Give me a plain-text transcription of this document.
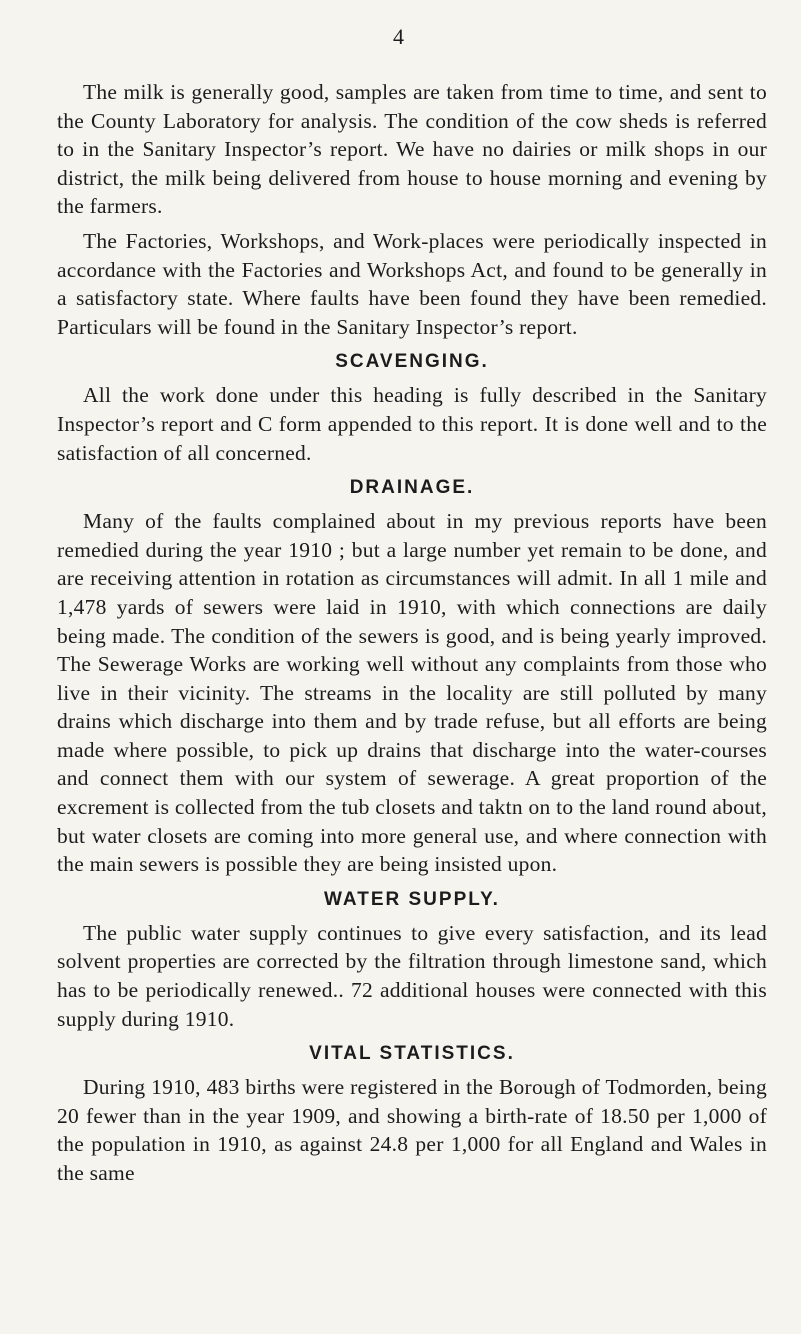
4

The milk is generally good, samples are taken from time to time, and sent to the County Laboratory for analysis. The condition of the cow sheds is referred to in the Sanitary Inspector’s report. We have no dairies or milk shops in our district, the milk being delivered from house to house morning and evening by the farmers.

The Factories, Workshops, and Work-places were periodically inspected in accordance with the Factories and Workshops Act, and found to be generally in a satisfactory state. Where faults have been found they have been remedied. Particulars will be found in the Sanitary Inspector’s report.

SCAVENGING.

All the work done under this heading is fully described in the Sanitary Inspector’s report and C form appended to this report. It is done well and to the satisfaction of all concerned.

DRAINAGE.

Many of the faults complained about in my previous reports have been remedied during the year 1910 ; but a large number yet remain to be done, and are receiving attention in rotation as circumstances will admit. In all 1 mile and 1,478 yards of sewers were laid in 1910, with which connections are daily being made. The condition of the sewers is good, and is being yearly improved. The Sewerage Works are working well without any complaints from those who live in their vicinity. The streams in the locality are still polluted by many drains which discharge into them and by trade refuse, but all efforts are being made where possible, to pick up drains that discharge into the water-courses and connect them with our system of sewerage. A great proportion of the excrement is collected from the tub closets and taktn on to the land round about, but water closets are coming into more general use, and where connection with the main sewers is possible they are being insisted upon.

WATER SUPPLY.

The public water supply continues to give every satisfaction, and its lead solvent properties are corrected by the filtration through limestone sand, which has to be periodically renewed.. 72 additional houses were connected with this supply during 1910.

VITAL STATISTICS.

During 1910, 483 births were registered in the Borough of Todmorden, being 20 fewer than in the year 1909, and showing a birth-rate of 18.50 per 1,000 of the population in 1910, as against 24.8 per 1,000 for all England and Wales in the same
